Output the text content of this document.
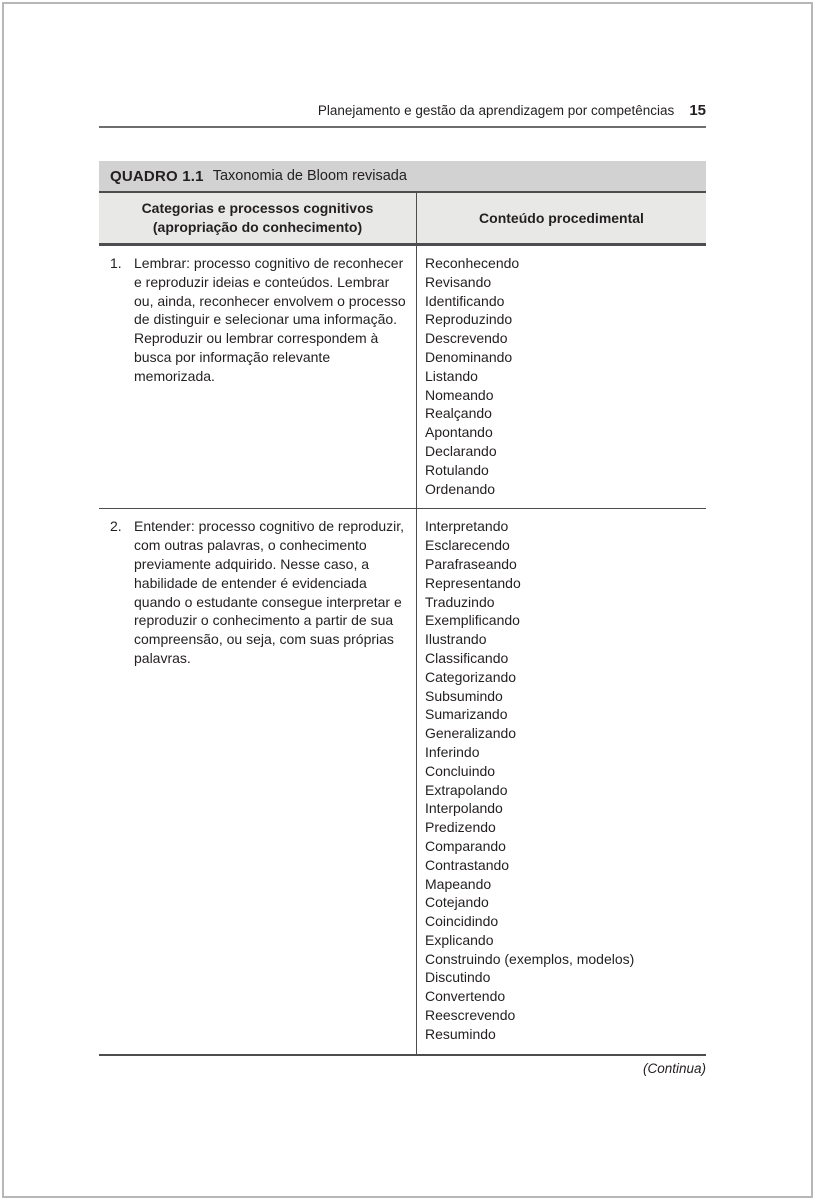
Planejamento e gestão da aprendizagem por competências 15
QUADRO 1.1 Taxonomia de Bloom revisada
Categorias e processos cognitivos
(apropriação do conhecimento)
Conteúdo procedimental
1. Lembrar: processo cognitivo de reconhecer e reproduzir ideias e conteúdos. Lembrar ou, ainda, reconhecer envolvem o processo de distinguir e selecionar uma informação. Reproduzir ou lembrar correspondem à busca por informação relevante memorizada.
Reconhecendo
Revisando
Identificando
Reproduzindo
Descrevendo
Denominando
Listando
Nomeando
Realçando
Apontando
Declarando
Rotulando
Ordenando
2. Entender: processo cognitivo de reproduzir, com outras palavras, o conhecimento previamente adquirido. Nesse caso, a habilidade de entender é evidenciada quando o estudante consegue interpretar e reproduzir o conhecimento a partir de sua compreensão, ou seja, com suas próprias palavras.
Interpretando
Esclarecendo
Parafraseando
Representando
Traduzindo
Exemplificando
Ilustrando
Classificando
Categorizando
Subsumindo
Sumarizando
Generalizando
Inferindo
Concluindo
Extrapolando
Interpolando
Predizendo
Comparando
Contrastando
Mapeando
Cotejando
Coincidindo
Explicando
Construindo (exemplos, modelos)
Discutindo
Convertendo
Reescrevendo
Resumindo
(Continua)
